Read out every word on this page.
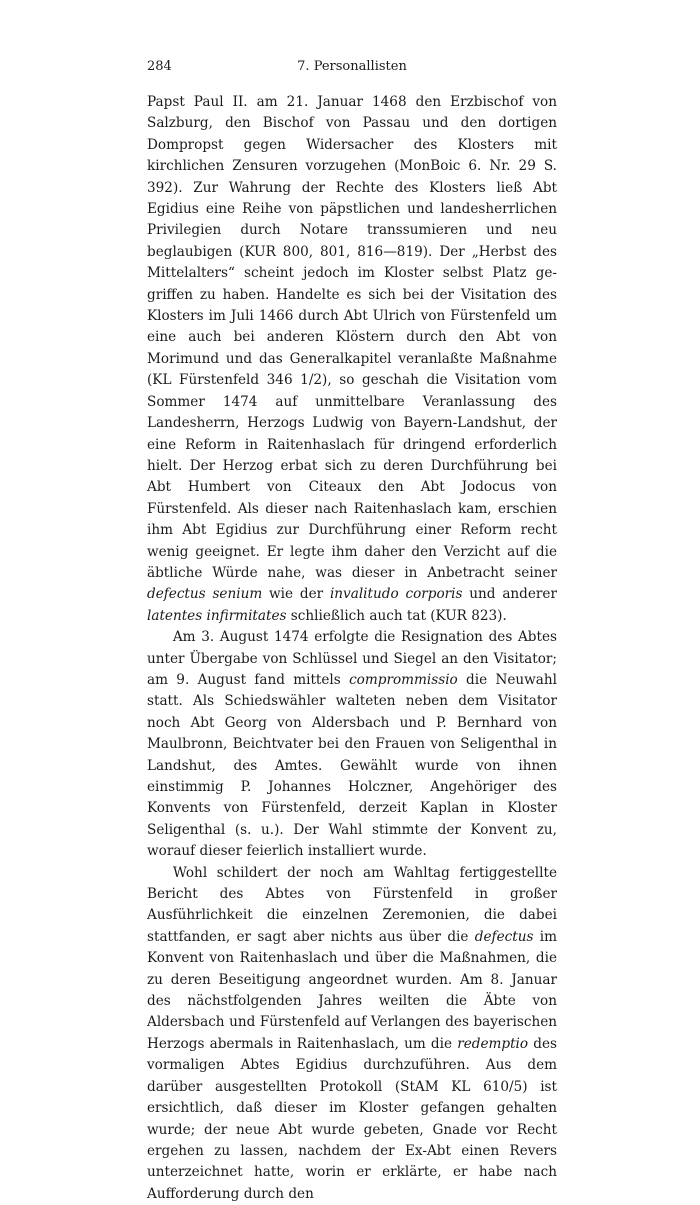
284	7. Personallisten

Papst Paul II. am 21. Januar 1468 den Erzbischof von Salzburg, den Bischof von Passau und den dortigen Dompropst gegen Widersacher des Klosters mit kirchlichen Zensuren vorzugehen (MonBoic 6. Nr. 29 S. 392). Zur Wahrung der Rechte des Klosters ließ Abt Egidius eine Reihe von päpstlichen und landesherrlichen Privilegien durch Notare transsumieren und neu beglaubigen (KUR 800, 801, 816—819). Der „Herbst des Mittelalters“ scheint jedoch im Kloster selbst Platz gegriffen zu haben. Handelte es sich bei der Visitation des Klosters im Juli 1466 durch Abt Ulrich von Fürstenfeld um eine auch bei anderen Klöstern durch den Abt von Morimund und das Generalkapitel veranlaßte Maßnahme (KL Fürstenfeld 346 1/2), so geschah die Visitation vom Sommer 1474 auf unmittelbare Veranlassung des Landesherrn, Herzogs Ludwig von Bayern-Landshut, der eine Reform in Raitenhaslach für dringend erforderlich hielt. Der Herzog erbat sich zu deren Durchführung bei Abt Humbert von Citeaux den Abt Jodocus von Fürstenfeld. Als dieser nach Raitenhaslach kam, erschien ihm Abt Egidius zur Durchführung einer Reform recht wenig geeignet. Er legte ihm daher den Verzicht auf die äbtliche Würde nahe, was dieser in Anbetracht seiner defectus senium wie der invalitudo corporis und anderer latentes infirmitates schließlich auch tat (KUR 823).

Am 3. August 1474 erfolgte die Resignation des Abtes unter Übergabe von Schlüssel und Siegel an den Visitator; am 9. August fand mittels comprommissio die Neuwahl statt. Als Schiedswähler walteten neben dem Visitator noch Abt Georg von Aldersbach und P. Bernhard von Maulbronn, Beichtvater bei den Frauen von Seligenthal in Landshut, des Amtes. Gewählt wurde von ihnen einstimmig P. Johannes Holczner, Angehöriger des Konvents von Fürstenfeld, derzeit Kaplan in Kloster Seligenthal (s. u.). Der Wahl stimmte der Konvent zu, worauf dieser feierlich installiert wurde.

Wohl schildert der noch am Wahltag fertiggestellte Bericht des Abtes von Fürstenfeld in großer Ausführlichkeit die einzelnen Zeremonien, die dabei stattfanden, er sagt aber nichts aus über die defectus im Konvent von Raitenhaslach und über die Maßnahmen, die zu deren Beseitigung angeordnet wurden. Am 8. Januar des nächstfolgenden Jahres weilten die Äbte von Aldersbach und Fürstenfeld auf Verlangen des bayerischen Herzogs abermals in Raitenhaslach, um die redemptio des vormaligen Abtes Egidius durchzuführen. Aus dem darüber ausgestellten Protokoll (StAM KL 610/5) ist ersichtlich, daß dieser im Kloster gefangen gehalten wurde; der neue Abt wurde gebeten, Gnade vor Recht ergehen zu lassen, nachdem der Ex-Abt einen Revers unterzeichnet hatte, worin er erklärte, er habe nach Aufforderung durch den
